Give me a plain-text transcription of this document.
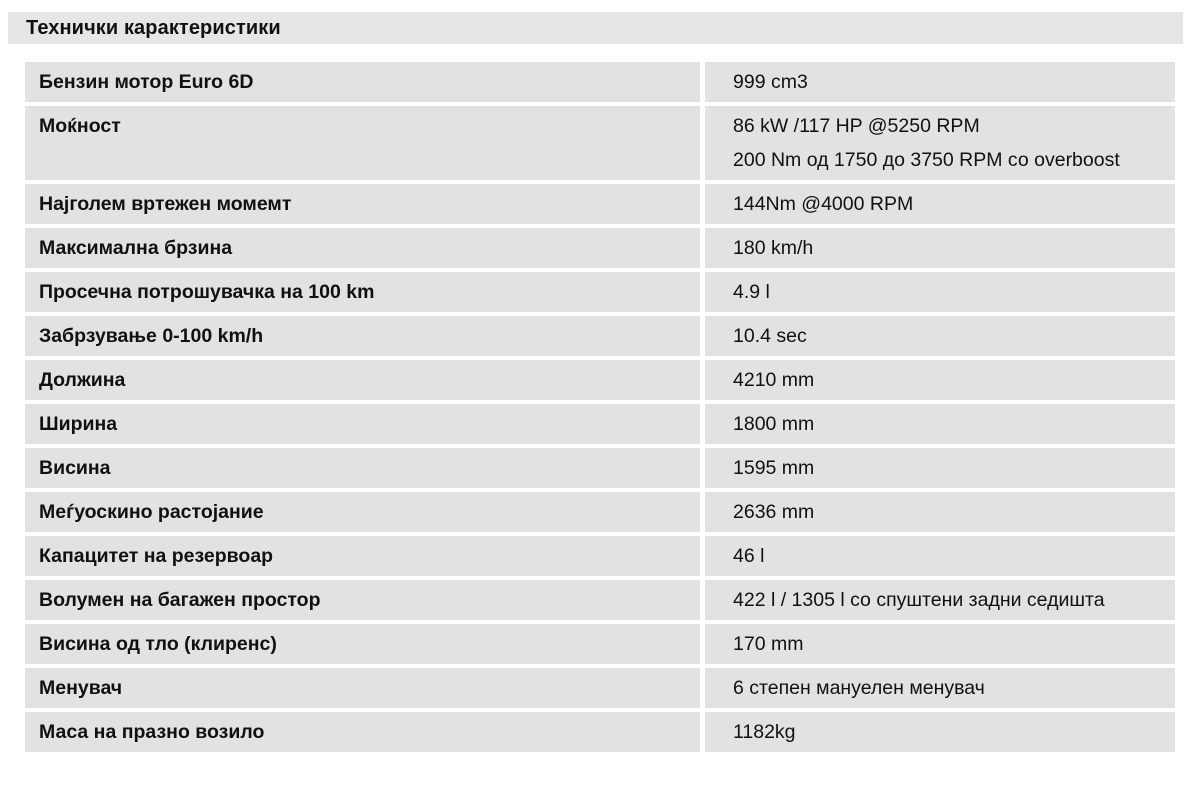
Технички карактеристики
Бензин мотор Euro 6D	999 cm3
Моќност	86 kW /117 HP @5250 RPM
200 Nm од 1750 до 3750 RPM со overboost
Најголем вртежен момемт	144Nm @4000 RPM
Максимална брзина	180 km/h
Просечна потрошувачка на 100 km	4.9 l
Забрзување 0-100 km/h	10.4 sec
Должина	4210 mm
Ширина	1800 mm
Висина	1595 mm
Меѓуоскино растојание	2636 mm
Капацитет на резервоар	46 l
Волумен на багажен простор	422 l / 1305 l со спуштени задни седишта
Висина од тло (клиренс)	170 mm
Менувач	6 степен мануелен менувач
Маса на празно возило	1182kg
